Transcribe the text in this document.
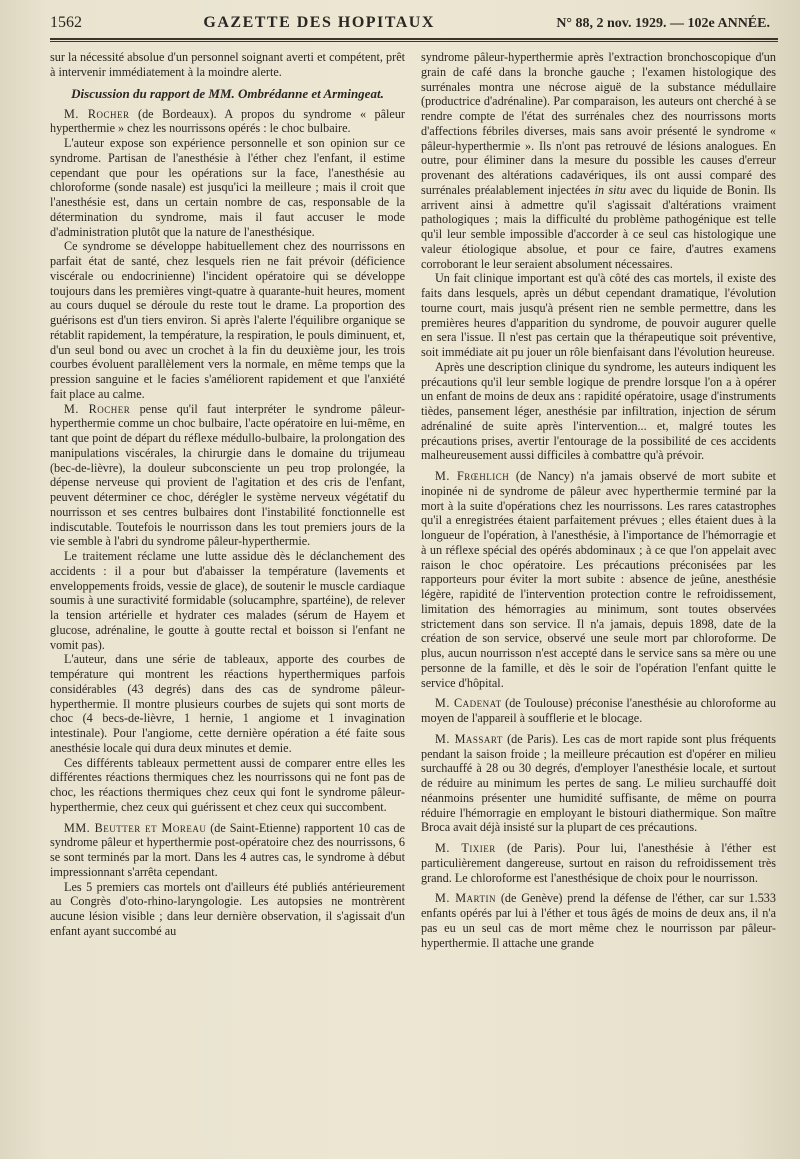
1562	GAZETTE DES HOPITAUX	N° 88, 2 nov. 1929. — 102e ANNÉE.

sur la nécessité absolue d'un personnel soignant averti et compétent, prêt à intervenir immédiatement à la moindre alerte.

Discussion du rapport de MM. Ombrédanne et Armingeat.

M. Rocher (de Bordeaux). A propos du syndrome « pâleur hyperthermie » chez les nourrissons opérés : le choc bulbaire.

L'auteur expose son expérience personnelle et son opinion sur ce syndrome. Partisan de l'anesthésie à l'éther chez l'enfant, il estime cependant que pour les opérations sur la face, l'anesthésie au chloroforme (sonde nasale) est jusqu'ici la meilleure ; mais il croit que l'anesthésie est, dans un certain nombre de cas, responsable de la détermination du syndrome, mais il faut accuser le mode d'administration plutôt que la nature de l'anesthésique.

Ce syndrome se développe habituellement chez des nourrissons en parfait état de santé, chez lesquels rien ne fait prévoir (déficience viscérale ou endocrinienne) l'incident opératoire qui se développe toujours dans les premières vingt-quatre à quarante-huit heures, moment au cours duquel se déroule du reste tout le drame. La proportion des guérisons est d'un tiers environ. Si après l'alerte l'équilibre organique se rétablit rapidement, la température, la respiration, le pouls diminuent, et, d'un seul bond ou avec un crochet à la fin du deuxième jour, les trois courbes évoluent parallèlement vers la normale, en même temps que la pression sanguine et le facies s'améliorent rapidement et que l'anxiété fait place au calme.

M. Rocher pense qu'il faut interpréter le syndrome pâleur-hyperthermie comme un choc bulbaire, l'acte opératoire en lui-même, en tant que point de départ du réflexe médullo-bulbaire, la prolongation des manipulations viscérales, la chirurgie dans le domaine du trijumeau (bec-de-lièvre), la douleur subconsciente un peu trop prolongée, la dépense nerveuse qui provient de l'agitation et des cris de l'enfant, peuvent déterminer ce choc, dérégler le système nerveux végétatif du nourrisson et ses centres bulbaires dont l'instabilité fonctionnelle est indiscutable. Toutefois le nourrisson dans les tout premiers jours de la vie semble à l'abri du syndrome pâleur-hyperthermie.

Le traitement réclame une lutte assidue dès le déclanchement des accidents : il a pour but d'abaisser la température (lavements et enveloppements froids, vessie de glace), de soutenir le muscle cardiaque soumis à une suractivité formidable (solucamphre, spartéine), de relever la tension artérielle et hydrater ces malades (sérum de Hayem et glucose, adrénaline, le goutte à goutte rectal et boisson si l'enfant ne vomit pas).

L'auteur, dans une série de tableaux, apporte des courbes de température qui montrent les réactions hyperthermiques parfois considérables (43 degrés) dans des cas de syndrome pâleur-hyperthermie. Il montre plusieurs courbes de sujets qui sont morts de choc (4 becs-de-lièvre, 1 hernie, 1 angiome et 1 invagination intestinale). Pour l'angiome, cette dernière opération a été faite sous anesthésie locale qui dura deux minutes et demie.

Ces différents tableaux permettent aussi de comparer entre elles les différentes réactions thermiques chez les nourrissons qui ne font pas de choc, les réactions thermiques chez ceux qui font le syndrome pâleur-hyperthermie, chez ceux qui guérissent et chez ceux qui succombent.

MM. Beutter et Moreau (de Saint-Etienne) rapportent 10 cas de syndrome pâleur et hyperthermie post-opératoire chez des nourrissons, 6 se sont terminés par la mort. Dans les 4 autres cas, le syndrome à début impressionnant s'arrêta cependant.

Les 5 premiers cas mortels ont d'ailleurs été publiés antérieurement au Congrès d'oto-rhino-laryngologie. Les autopsies ne montrèrent aucune lésion visible ; dans leur dernière observation, il s'agissait d'un enfant ayant succombé au

syndrome pâleur-hyperthermie après l'extraction bronchoscopique d'un grain de café dans la bronche gauche ; l'examen histologique des surrénales montra une nécrose aiguë de la substance médullaire (productrice d'adrénaline). Par comparaison, les auteurs ont cherché à se rendre compte de l'état des surrénales chez des nourrissons morts d'affections fébriles diverses, mais sans avoir présenté le syndrome « pâleur-hyperthermie ». Ils n'ont pas retrouvé de lésions analogues. En outre, pour éliminer dans la mesure du possible les causes d'erreur provenant des altérations cadavériques, ils ont aussi comparé des surrénales préalablement injectées in situ avec du liquide de Bonin. Ils arrivent ainsi à admettre qu'il s'agissait d'altérations vraiment pathologiques ; mais la difficulté du problème pathogénique est telle qu'il leur semble impossible d'accorder à ce seul cas histologique une valeur étiologique absolue, et pour ce faire, d'autres examens corroborant le leur seraient absolument nécessaires.

Un fait clinique important est qu'à côté des cas mortels, il existe des faits dans lesquels, après un début cependant dramatique, l'évolution tourne court, mais jusqu'à présent rien ne semble permettre, dans les premières heures d'apparition du syndrome, de pouvoir augurer quelle en sera l'issue. Il n'est pas certain que la thérapeutique soit préventive, soit immédiate ait pu jouer un rôle bienfaisant dans l'évolution heureuse.

Après une description clinique du syndrome, les auteurs indiquent les précautions qu'il leur semble logique de prendre lorsque l'on a à opérer un enfant de moins de deux ans : rapidité opératoire, usage d'instruments tièdes, pansement léger, anesthésie par infiltration, injection de sérum adrénaliné de suite après l'intervention... et, malgré toutes les précautions prises, avertir l'entourage de la possibilité de ces accidents malheureusement aussi difficiles à combattre qu'à prévoir.

M. Frœhlich (de Nancy) n'a jamais observé de mort subite et inopinée ni de syndrome de pâleur avec hyperthermie terminé par la mort à la suite d'opérations chez les nourrissons. Les rares catastrophes qu'il a enregistrées étaient parfaitement prévues ; elles étaient dues à la longueur de l'opération, à l'anesthésie, à l'importance de l'hémorragie et à un réflexe spécial des opérés abdominaux ; à ce que l'on appelait avec raison le choc opératoire. Les précautions préconisées par les rapporteurs pour éviter la mort subite : absence de jeûne, anesthésie légère, rapidité de l'intervention protection contre le refroidissement, limitation des hémorragies au minimum, sont toutes observées strictement dans son service. Il n'a jamais, depuis 1898, date de la création de son service, observé une seule mort par chloroforme. De plus, aucun nourrisson n'est accepté dans le service sans sa mère ou une personne de la famille, et dès le soir de l'opération l'enfant quitte le service d'hôpital.

M. Cadenat (de Toulouse) préconise l'anesthésie au chloroforme au moyen de l'appareil à soufflerie et le blocage.

M. Massart (de Paris). Les cas de mort rapide sont plus fréquents pendant la saison froide ; la meilleure précaution est d'opérer en milieu surchauffé à 28 ou 30 degrés, d'employer l'anesthésie locale, et surtout de réduire au minimum les pertes de sang. Le milieu surchauffé doit néanmoins présenter une humidité suffisante, de même on pourra réduire l'hémorragie en employant le bistouri diathermique. Son maître Broca avait déjà insisté sur la plupart de ces précautions.

M. Tixier (de Paris). Pour lui, l'anesthésie à l'éther est particulièrement dangereuse, surtout en raison du refroidissement très grand. Le chloroforme est l'anesthésique de choix pour le nourrisson.

M. Martin (de Genève) prend la défense de l'éther, car sur 1.533 enfants opérés par lui à l'éther et tous âgés de moins de deux ans, il n'a pas eu un seul cas de mort même chez le nourrisson par pâleur-hyperthermie. Il attache une grande
